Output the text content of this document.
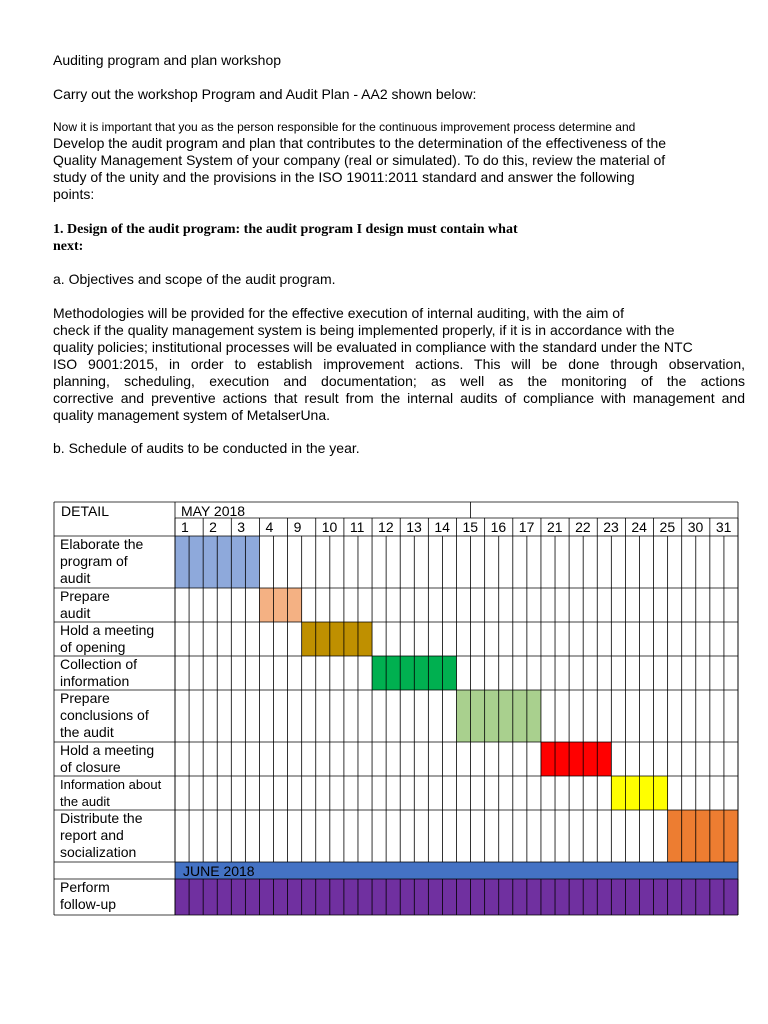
Auditing program and plan workshop

Carry out the workshop Program and Audit Plan - AA2 shown below:

Now it is important that you as the person responsible for the continuous improvement process determine and

Develop the audit program and plan that contributes to the determination of the effectiveness of the
Quality Management System of your company (real or simulated). To do this, review the material of
study of the unity and the provisions in the ISO 19011:2011 standard and answer the following
points:
1. Design of the audit program: the audit program I design must contain what
next:

a. Objectives and scope of the audit program.

Methodologies will be provided for the effective execution of internal auditing, with the aim of
check if the quality management system is being implemented properly, if it is in accordance with the
quality policies; institutional processes will be evaluated in compliance with the standard under the NTC
ISO 9001:2015, in order to establish improvement actions. This will be done through observation,
planning, scheduling, execution and documentation; as well as the monitoring of the actions
corrective and preventive actions that result from the internal audits of compliance with management and
quality management system of MetalserUna.

b. Schedule of audits to be conducted in the year.

DETAIL	MAY 2018
1 2 3 4 9 10 11 12 13 14 15 16 17 21 22 23 24 25 30 31
Elaborate the
program of
audit
Prepare
audit
Hold a meeting
of opening
Collection of
information
Prepare
conclusions of
the audit
Hold a meeting
of closure
Information about
the audit
Distribute the
report and
socialization
JUNE 2018
Perform
follow-up
